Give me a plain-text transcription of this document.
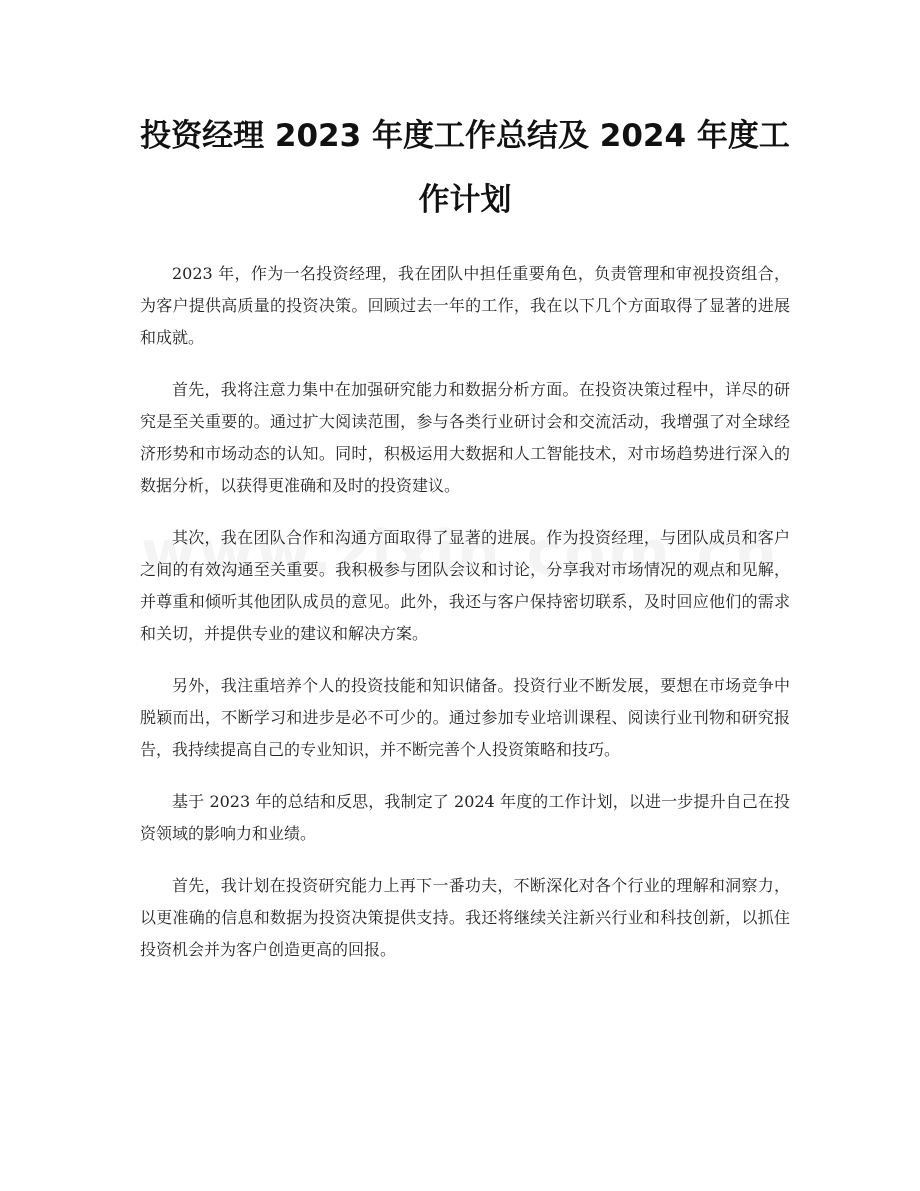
投资经理 2023 年度工作总结及 2024 年度工
作计划

2023 年，作为一名投资经理，我在团队中担任重要角色，负责管理和审视投资组合，为客户提供高质量的投资决策。回顾过去一年的工作，我在以下几个方面取得了显著的进展和成就。

首先，我将注意力集中在加强研究能力和数据分析方面。在投资决策过程中，详尽的研究是至关重要的。通过扩大阅读范围，参与各类行业研讨会和交流活动，我增强了对全球经济形势和市场动态的认知。同时，积极运用大数据和人工智能技术，对市场趋势进行深入的数据分析，以获得更准确和及时的投资建议。

其次，我在团队合作和沟通方面取得了显著的进展。作为投资经理，与团队成员和客户之间的有效沟通至关重要。我积极参与团队会议和讨论，分享我对市场情况的观点和见解，并尊重和倾听其他团队成员的意见。此外，我还与客户保持密切联系，及时回应他们的需求和关切，并提供专业的建议和解决方案。

另外，我注重培养个人的投资技能和知识储备。投资行业不断发展，要想在市场竞争中脱颖而出，不断学习和进步是必不可少的。通过参加专业培训课程、阅读行业刊物和研究报告，我持续提高自己的专业知识，并不断完善个人投资策略和技巧。

基于 2023 年的总结和反思，我制定了 2024 年度的工作计划，以进一步提升自己在投资领域的影响力和业绩。

首先，我计划在投资研究能力上再下一番功夫，不断深化对各个行业的理解和洞察力，以更准确的信息和数据为投资决策提供支持。我还将继续关注新兴行业和科技创新，以抓住投资机会并为客户创造更高的回报。
